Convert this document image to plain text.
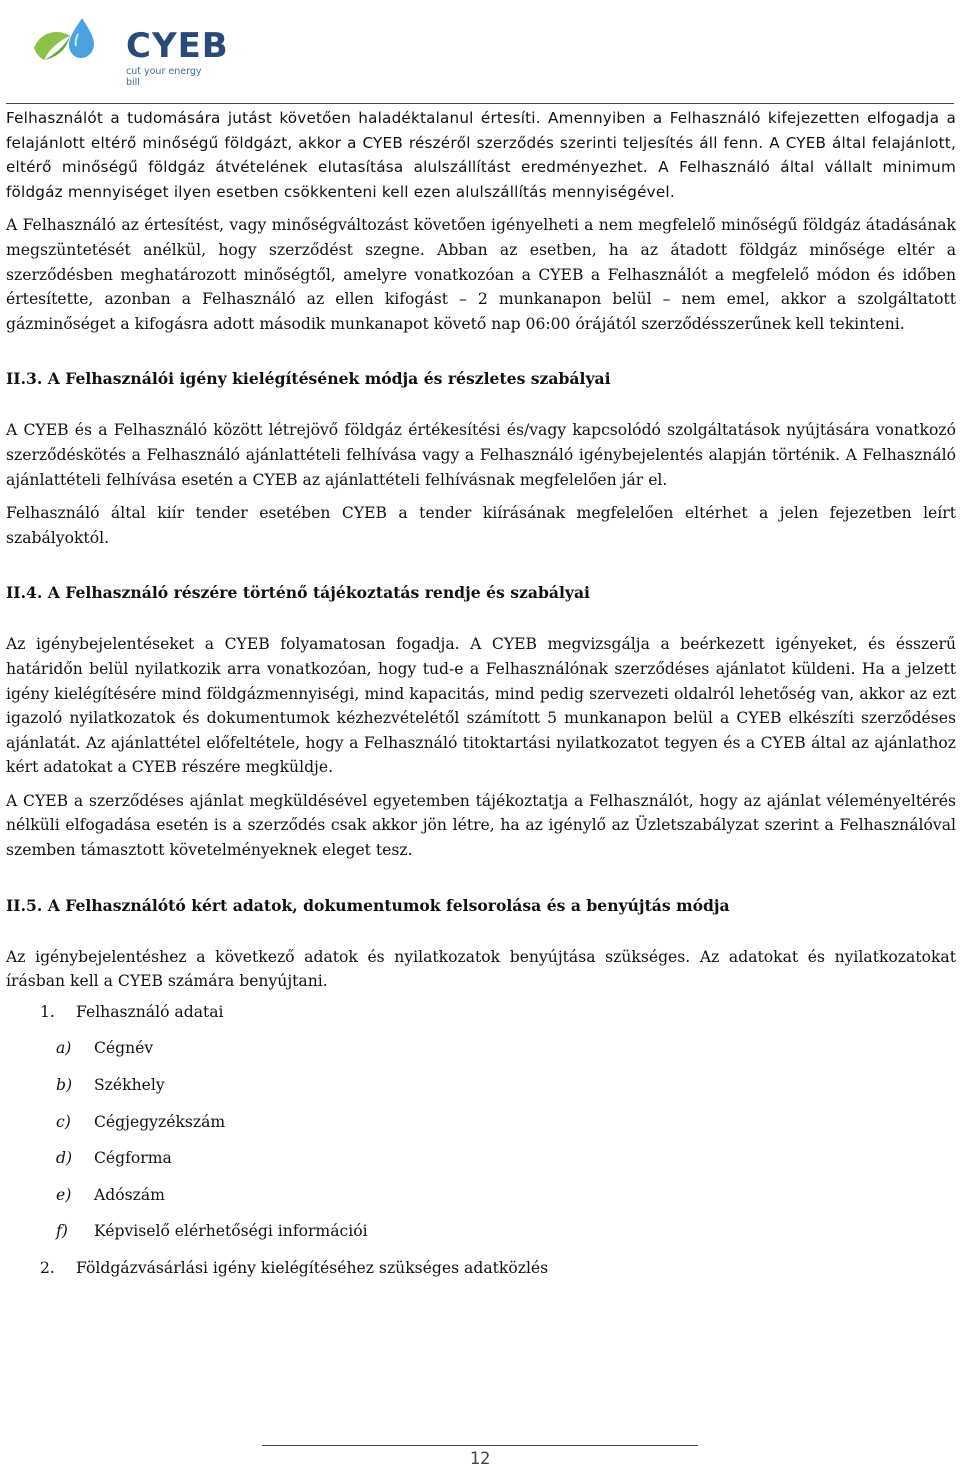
CYEB
cut your energy bill

Felhasználót a tudomására jutást követően haladéktalanul értesíti. Amennyiben a Felhasználó kifejezetten elfogadja a felajánlott eltérő minőségű földgázt, akkor a CYEB részéről szerződés szerinti teljesítés áll fenn. A CYEB által felajánlott, eltérő minőségű földgáz átvételének elutasítása alulszállítást eredményezhet. A Felhasználó által vállalt minimum földgáz mennyiséget ilyen esetben csökkenteni kell ezen alulszállítás mennyiségével.

A Felhasználó az értesítést, vagy minőségváltozást követően igényelheti a nem megfelelő minőségű földgáz átadásának megszüntetését anélkül, hogy szerződést szegne. Abban az esetben, ha az átadott földgáz minősége eltér a szerződésben meghatározott minőségtől, amelyre vonatkozóan a CYEB a Felhasználót a megfelelő módon és időben értesítette, azonban a Felhasználó az ellen kifogást – 2 munkanapon belül – nem emel, akkor a szolgáltatott gázminőséget a kifogásra adott második munkanapot követő nap 06:00 órájától szerződésszerűnek kell tekinteni.

II.3. A Felhasználói igény kielégítésének módja és részletes szabályai

A CYEB és a Felhasználó között létrejövő földgáz értékesítési és/vagy kapcsolódó szolgáltatások nyújtására vonatkozó szerződéskötés a Felhasználó ajánlattételi felhívása vagy a Felhasználó igénybejelentés alapján történik. A Felhasználó ajánlattételi felhívása esetén a CYEB az ajánlattételi felhívásnak megfelelően jár el.

Felhasználó által kiír tender esetében CYEB a tender kiírásának megfelelően eltérhet a jelen fejezetben leírt szabályoktól.

II.4. A Felhasználó részére történő tájékoztatás rendje és szabályai

Az igénybejelentéseket a CYEB folyamatosan fogadja. A CYEB megvizsgálja a beérkezett igényeket, és ésszerű határidőn belül nyilatkozik arra vonatkozóan, hogy tud-e a Felhasználónak szerződéses ajánlatot küldeni. Ha a jelzett igény kielégítésére mind földgázmennyiségi, mind kapacitás, mind pedig szervezeti oldalról lehetőség van, akkor az ezt igazoló nyilatkozatok és dokumentumok kézhezvételétől számított 5 munkanapon belül a CYEB elkészíti szerződéses ajánlatát. Az ajánlattétel előfeltétele, hogy a Felhasználó titoktartási nyilatkozatot tegyen és a CYEB által az ajánlathoz kért adatokat a CYEB részére megküldje.

A CYEB a szerződéses ajánlat megküldésével egyetemben tájékoztatja a Felhasználót, hogy az ajánlat véleményeltérés nélküli elfogadása esetén is a szerződés csak akkor jön létre, ha az igénylő az Üzletszabályzat szerint a Felhasználóval szemben támasztott követelményeknek eleget tesz.

II.5. A Felhasználótó kért adatok, dokumentumok felsorolása és a benyújtás módja

Az igénybejelentéshez a következő adatok és nyilatkozatok benyújtása szükséges. Az adatokat és nyilatkozatokat írásban kell a CYEB számára benyújtani.

1. Felhasználó adatai
a) Cégnév
b) Székhely
c) Cégjegyzékszám
d) Cégforma
e) Adószám
f) Képviselő elérhetőségi információi
2. Földgázvásárlási igény kielégítéséhez szükséges adatközlés
12
